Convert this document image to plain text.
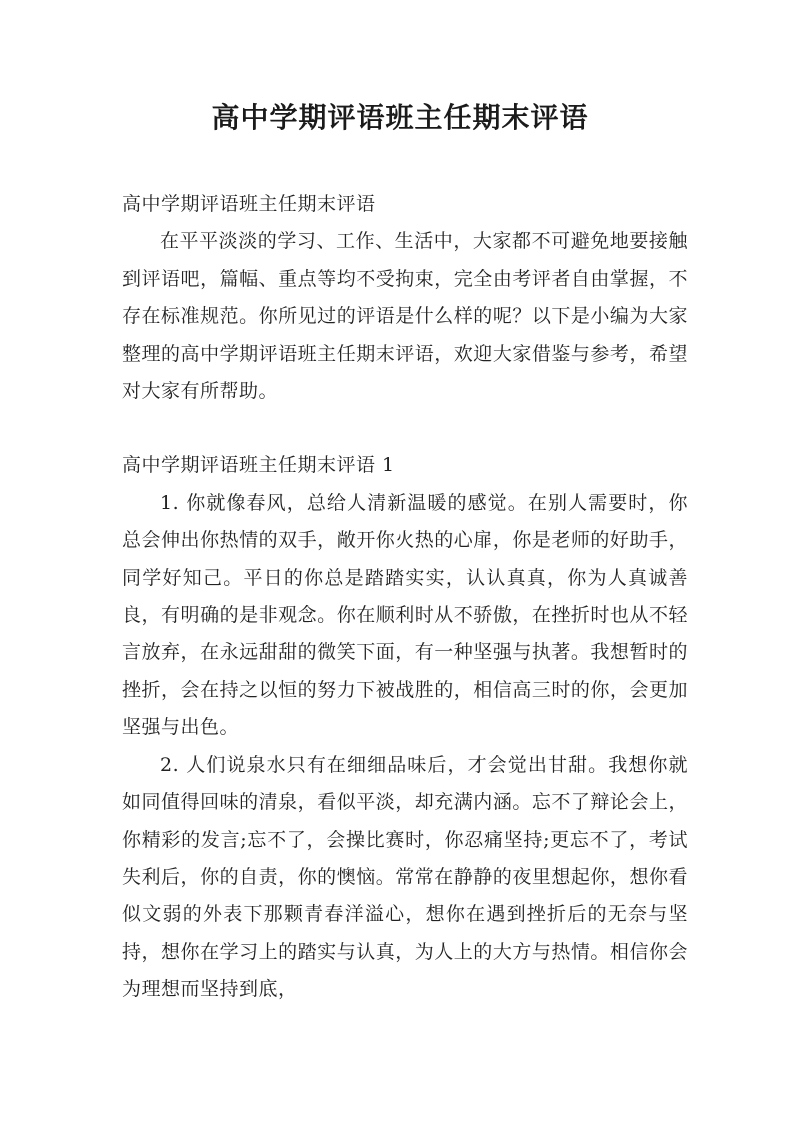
高中学期评语班主任期末评语

高中学期评语班主任期末评语

在平平淡淡的学习、工作、生活中，大家都不可避免地要接触到评语吧，篇幅、重点等均不受拘束，完全由考评者自由掌握，不存在标准规范。你所见过的评语是什么样的呢？以下是小编为大家整理的高中学期评语班主任期末评语，欢迎大家借鉴与参考，希望对大家有所帮助。

高中学期评语班主任期末评语 1

1. 你就像春风，总给人清新温暖的感觉。在别人需要时，你总会伸出你热情的双手，敞开你火热的心扉，你是老师的好助手，同学好知己。平日的你总是踏踏实实，认认真真，你为人真诚善良，有明确的是非观念。你在顺利时从不骄傲，在挫折时也从不轻言放弃，在永远甜甜的微笑下面，有一种坚强与执著。我想暂时的挫折，会在持之以恒的努力下被战胜的，相信高三时的你，会更加坚强与出色。

2. 人们说泉水只有在细细品味后，才会觉出甘甜。我想你就如同值得回味的清泉，看似平淡，却充满内涵。忘不了辩论会上，你精彩的发言;忘不了，会操比赛时，你忍痛坚持;更忘不了，考试失利后，你的自责，你的懊恼。常常在静静的夜里想起你，想你看似文弱的外表下那颗青春洋溢心，想你在遇到挫折后的无奈与坚持，想你在学习上的踏实与认真，为人上的大方与热情。相信你会为理想而坚持到底，
